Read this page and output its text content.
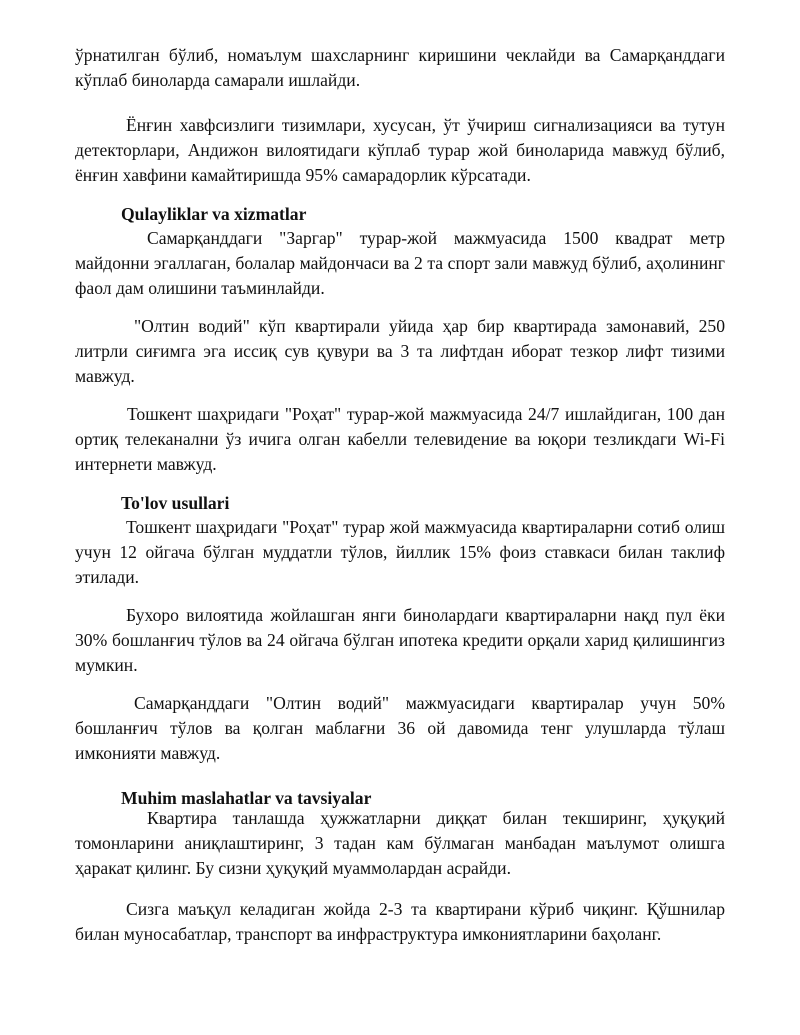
ўрнатилган бўлиб, номаълум шахсларнинг киришини чеклайди ва Самарқанддаги кўплаб биноларда самарали ишлайди.

Ёнғин хавфсизлиги тизимлари, хусусан, ўт ўчириш сигнализацияси ва тутун детекторлари, Андижон вилоятидаги кўплаб турар жой биноларида мавжуд бўлиб, ёнғин хавфини камайтиришда 95% самарадорлик кўрсатади.

Qulayliklar va xizmatlar

Самарқанддаги "Заргар" турар-жой мажмуасида 1500 квадрат метр майдонни эгаллаган, болалар майдончаси ва 2 та спорт зали мавжуд бўлиб, аҳолининг фаол дам олишини таъминлайди.

"Олтин водий" кўп квартирали уйида ҳар бир квартирада замонавий, 250 литрли сиғимга эга иссиқ сув қувури ва 3 та лифтдан иборат тезкор лифт тизими мавжуд.

Тошкент шаҳридаги "Роҳат" турар-жой мажмуасида 24/7 ишлайдиган, 100 дан ортиқ телеканални ўз ичига олган кабелли телевидение ва юқори тезликдаги Wi-Fi интернети мавжуд.

To'lov usullari

Тошкент шаҳридаги "Роҳат" турар жой мажмуасида квартираларни сотиб олиш учун 12 ойгача бўлган муддатли тўлов, йиллик 15% фоиз ставкаси билан таклиф этилади.

Бухоро вилоятида жойлашган янги бинолардаги квартираларни нақд пул ёки 30% бошланғич тўлов ва 24 ойгача бўлган ипотека кредити орқали харид қилишингиз мумкин.

Самарқанддаги "Олтин водий" мажмуасидаги квартиралар учун 50% бошланғич тўлов ва қолган маблағни 36 ой давомида тенг улушларда тўлаш имконияти мавжуд.

Muhim maslahatlar va tavsiyalar

Квартира танлашда ҳужжатларни диққат билан текширинг, ҳуқуқий томонларини аниқлаштиринг, 3 тадан кам бўлмаган манбадан маълумот олишга ҳаракат қилинг. Бу сизни ҳуқуқий муаммолардан асрайди.

Сизга маъқул келадиган жойда 2-3 та квартирани кўриб чиқинг. Қўшнилар билан муносабатлар, транспорт ва инфраструктура имкониятларини баҳоланг.
